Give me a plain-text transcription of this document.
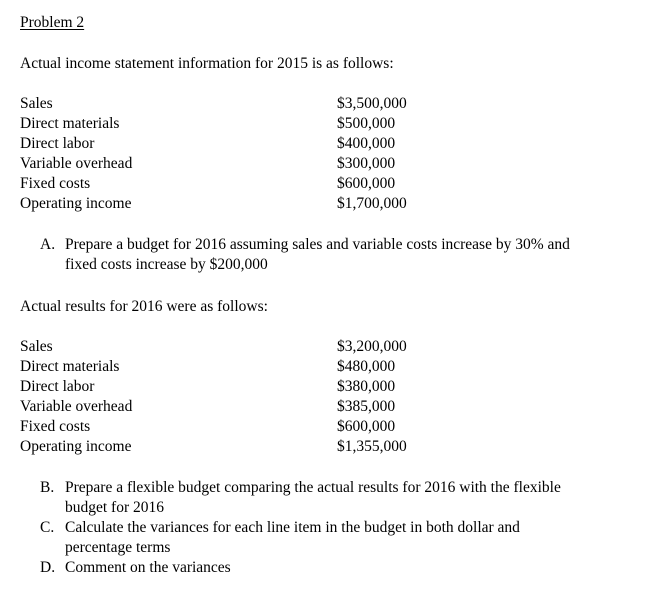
Problem 2
Actual income statement information for 2015 is as follows:
Sales	$3,500,000
Direct materials	$500,000
Direct labor	$400,000
Variable overhead	$300,000
Fixed costs	$600,000
Operating income	$1,700,000
A. Prepare a budget for 2016 assuming sales and variable costs increase by 30% and fixed costs increase by $200,000
Actual results for 2016 were as follows:
Sales	$3,200,000
Direct materials	$480,000
Direct labor	$380,000
Variable overhead	$385,000
Fixed costs	$600,000
Operating income	$1,355,000
B. Prepare a flexible budget comparing the actual results for 2016 with the flexible budget for 2016
C. Calculate the variances for each line item in the budget in both dollar and percentage terms
D. Comment on the variances
